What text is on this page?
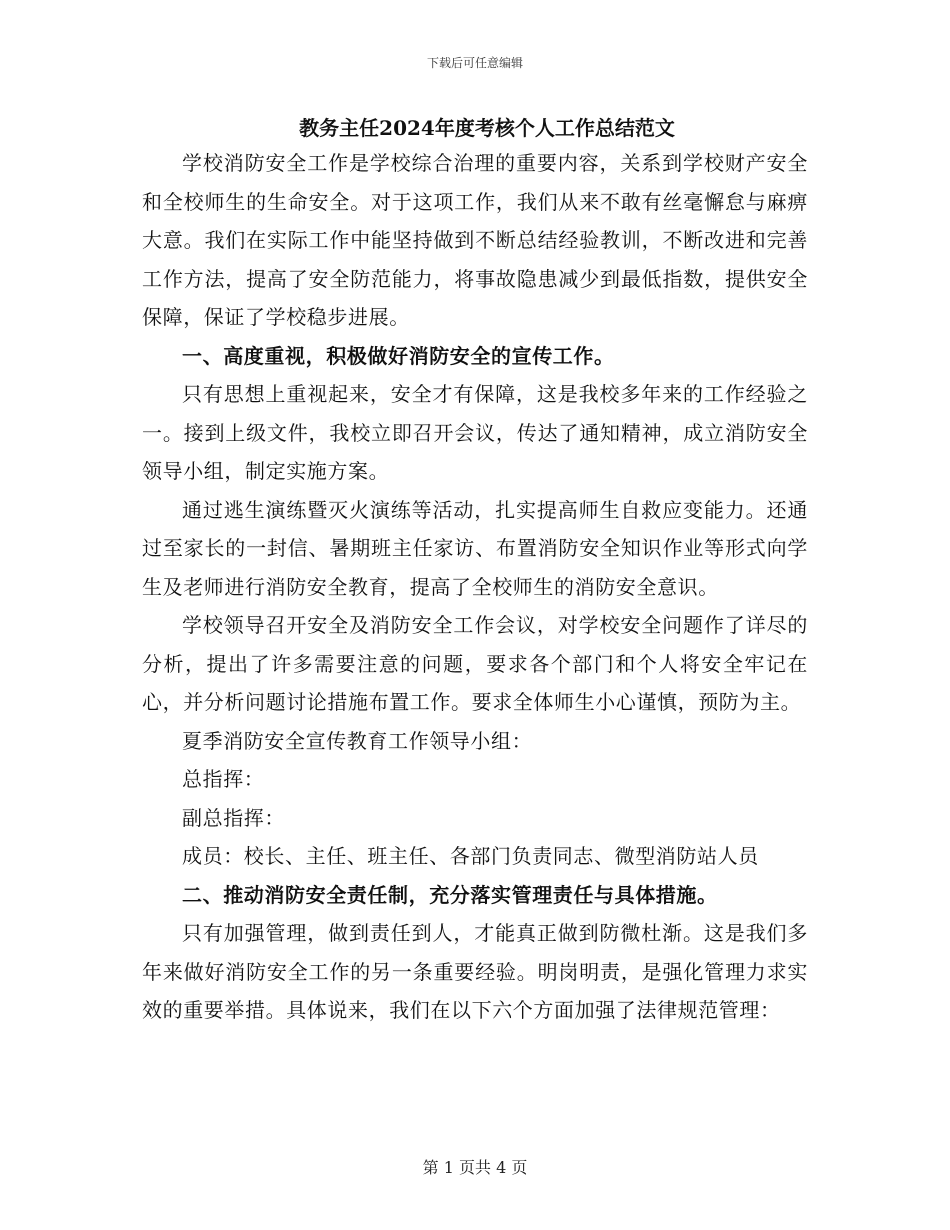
下载后可任意编辑
教务主任2024年度考核个人工作总结范文

学校消防安全工作是学校综合治理的重要内容，关系到学校财产安全和全校师生的生命安全。对于这项工作，我们从来不敢有丝毫懈怠与麻痹大意。我们在实际工作中能坚持做到不断总结经验教训，不断改进和完善工作方法，提高了安全防范能力，将事故隐患减少到最低指数，提供安全保障，保证了学校稳步进展。

一、高度重视，积极做好消防安全的宣传工作。

只有思想上重视起来，安全才有保障，这是我校多年来的工作经验之一。接到上级文件，我校立即召开会议，传达了通知精神，成立消防安全领导小组，制定实施方案。

通过逃生演练暨灭火演练等活动，扎实提高师生自救应变能力。还通过至家长的一封信、暑期班主任家访、布置消防安全知识作业等形式向学生及老师进行消防安全教育，提高了全校师生的消防安全意识。

学校领导召开安全及消防安全工作会议，对学校安全问题作了详尽的分析，提出了许多需要注意的问题，要求各个部门和个人将安全牢记在心，并分析问题讨论措施布置工作。要求全体师生小心谨慎，预防为主。

夏季消防安全宣传教育工作领导小组：

总指挥：

副总指挥：

成员：校长、主任、班主任、各部门负责同志、微型消防站人员

二、推动消防安全责任制，充分落实管理责任与具体措施。

只有加强管理，做到责任到人，才能真正做到防微杜渐。这是我们多年来做好消防安全工作的另一条重要经验。明岗明责，是强化管理力求实效的重要举措。具体说来，我们在以下六个方面加强了法律规范管理：

第 1 页共 4 页
